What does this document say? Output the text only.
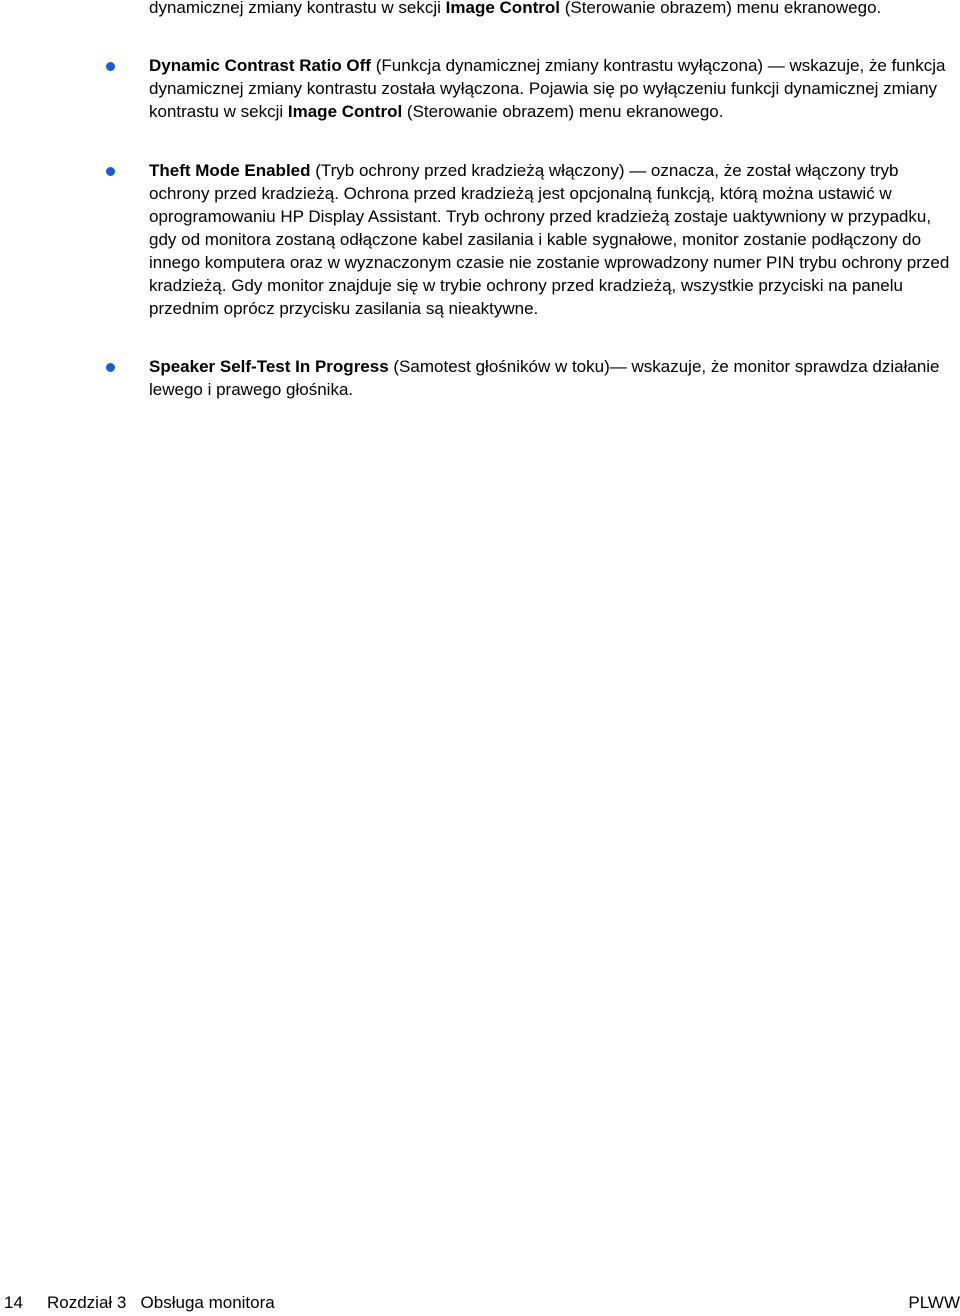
dynamicznej zmiany kontrastu w sekcji Image Control (Sterowanie obrazem) menu ekranowego.

Dynamic Contrast Ratio Off (Funkcja dynamicznej zmiany kontrastu wyłączona) — wskazuje, że funkcja dynamicznej zmiany kontrastu została wyłączona. Pojawia się po wyłączeniu funkcji dynamicznej zmiany kontrastu w sekcji Image Control (Sterowanie obrazem) menu ekranowego.

Theft Mode Enabled (Tryb ochrony przed kradzieżą włączony) — oznacza, że został włączony tryb ochrony przed kradzieżą. Ochrona przed kradzieżą jest opcjonalną funkcją, którą można ustawić w oprogramowaniu HP Display Assistant. Tryb ochrony przed kradzieżą zostaje uaktywniony w przypadku, gdy od monitora zostaną odłączone kabel zasilania i kable sygnałowe, monitor zostanie podłączony do innego komputera oraz w wyznaczonym czasie nie zostanie wprowadzony numer PIN trybu ochrony przed kradzieżą. Gdy monitor znajduje się w trybie ochrony przed kradzieżą, wszystkie przyciski na panelu przednim oprócz przycisku zasilania są nieaktywne.

Speaker Self-Test In Progress (Samotest głośników w toku)— wskazuje, że monitor sprawdza działanie lewego i prawego głośnika.

14 Rozdział 3   Obsługa monitora	PLWW
